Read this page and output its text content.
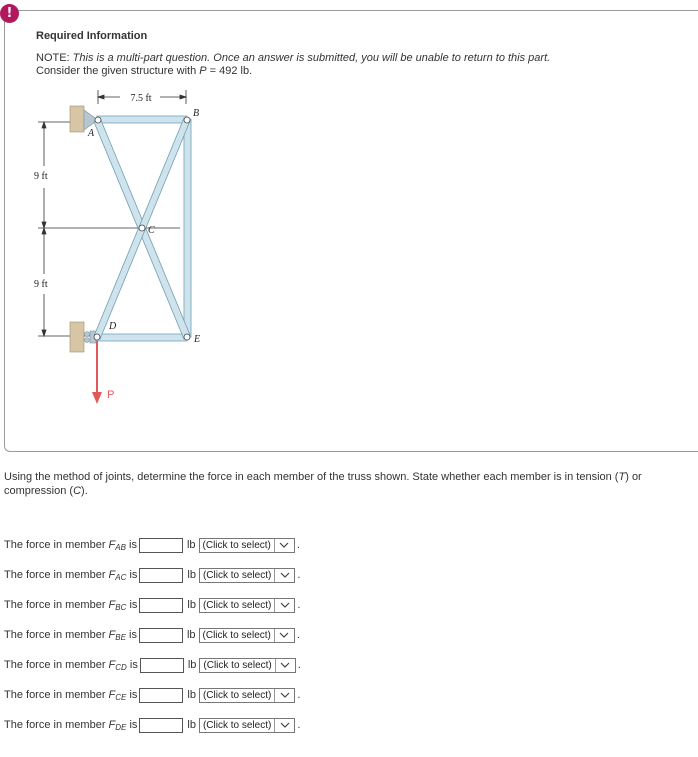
!
Required Information
NOTE: This is a multi-part question. Once an answer is submitted, you will be unable to return to this part.
Consider the given structure with P = 492 lb.
7.5 ft
9 ft
9 ft
A
B
C
D
E
P
Using the method of joints, determine the force in each member of the truss shown. State whether each member is in tension (T) or compression (C).
The force in member $F_{AB}$ is	lb (Click to select) .
The force in member $F_{AC}$ is	lb (Click to select) .
The force in member $F_{BC}$ is	lb (Click to select) .
The force in member $F_{BE}$ is	lb (Click to select) .
The force in member $F_{CD}$ is	lb (Click to select) .
The force in member $F_{CE}$ is	lb (Click to select) .
The force in member $F_{DE}$ is	lb (Click to select) .
